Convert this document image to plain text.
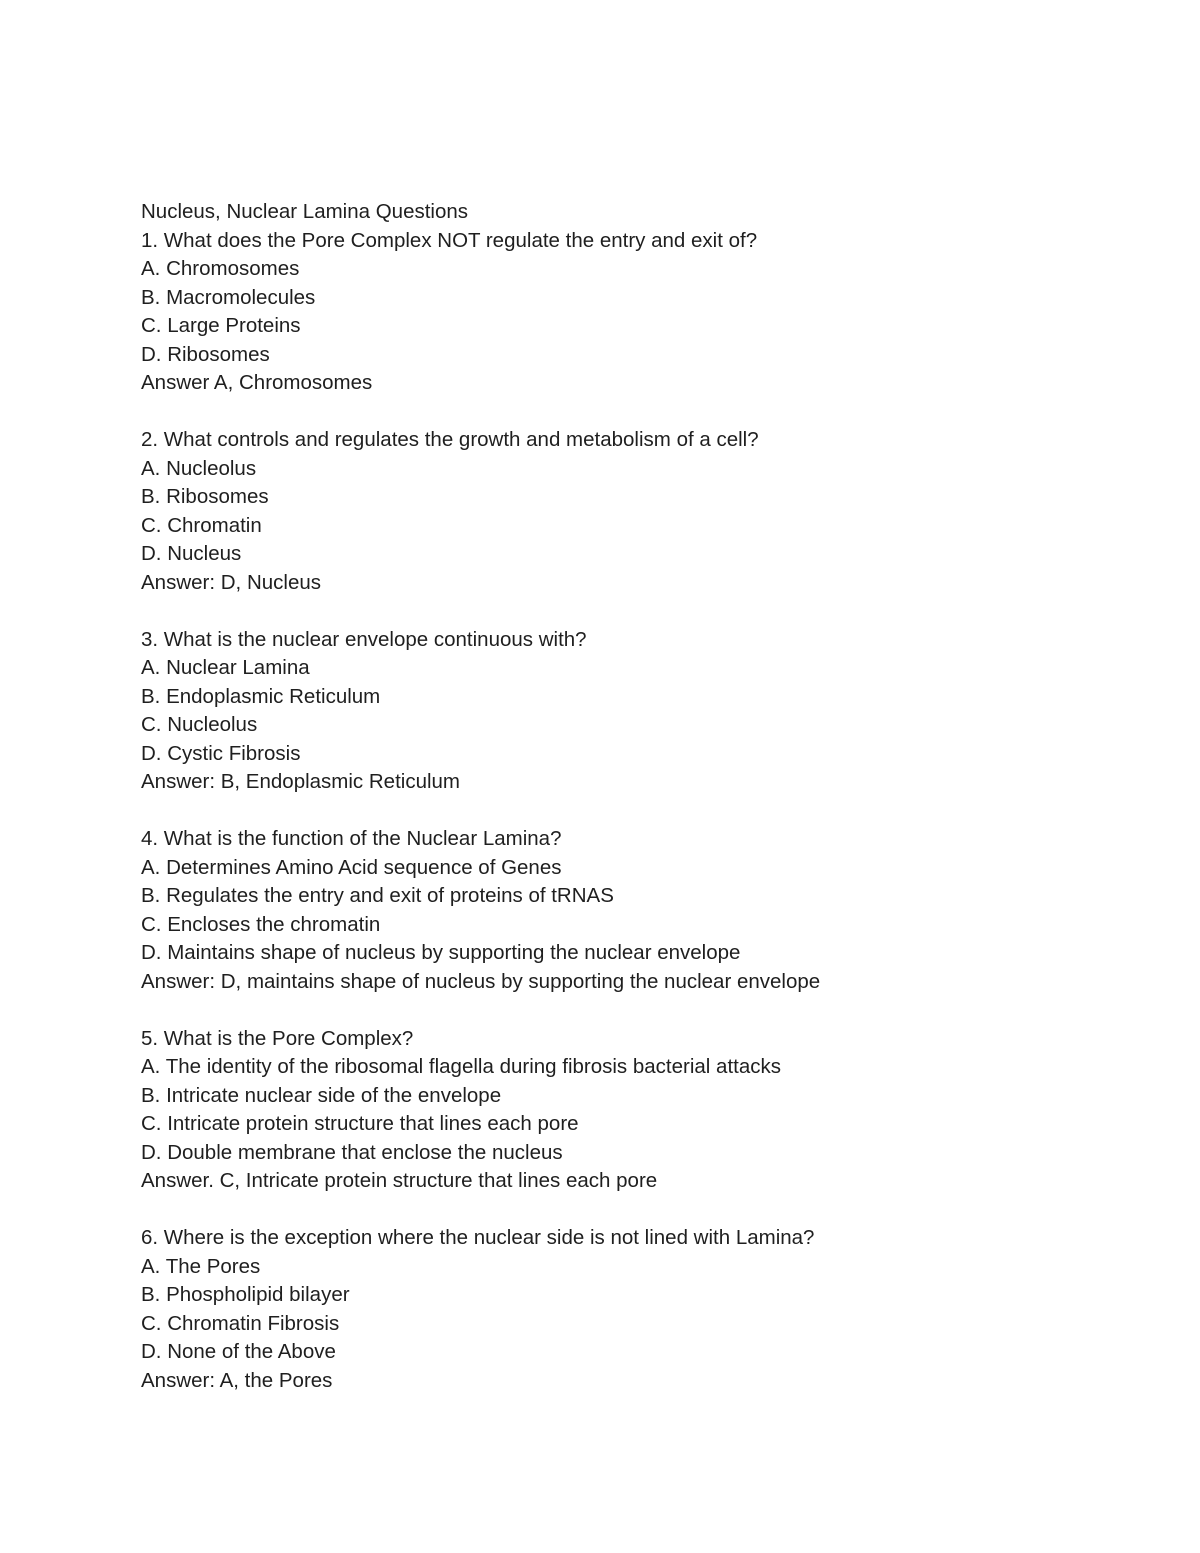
Nucleus, Nuclear Lamina Questions

1. What does the Pore Complex NOT regulate the entry and exit of?

A. Chromosomes

B. Macromolecules

C. Large Proteins

D. Ribosomes

Answer A, Chromosomes

2. What controls and regulates the growth and metabolism of a cell?

A. Nucleolus

B. Ribosomes

C. Chromatin

D. Nucleus

Answer: D, Nucleus

3. What is the nuclear envelope continuous with?

A. Nuclear Lamina

B. Endoplasmic Reticulum

C. Nucleolus

D. Cystic Fibrosis

Answer: B, Endoplasmic Reticulum

4. What is the function of the Nuclear Lamina?

A. Determines Amino Acid sequence of Genes

B. Regulates the entry and exit of proteins of tRNAS

C. Encloses the chromatin

D. Maintains shape of nucleus by supporting the nuclear envelope

Answer: D, maintains shape of nucleus by supporting the nuclear envelope

5. What is the Pore Complex?

A. The identity of the ribosomal flagella during fibrosis bacterial attacks

B. Intricate nuclear side of the envelope

C. Intricate protein structure that lines each pore

D. Double membrane that enclose the nucleus

Answer. C, Intricate protein structure that lines each pore

6. Where is the exception where the nuclear side is not lined with Lamina?

A. The Pores

B. Phospholipid bilayer

C. Chromatin Fibrosis

D. None of the Above

Answer: A, the Pores
